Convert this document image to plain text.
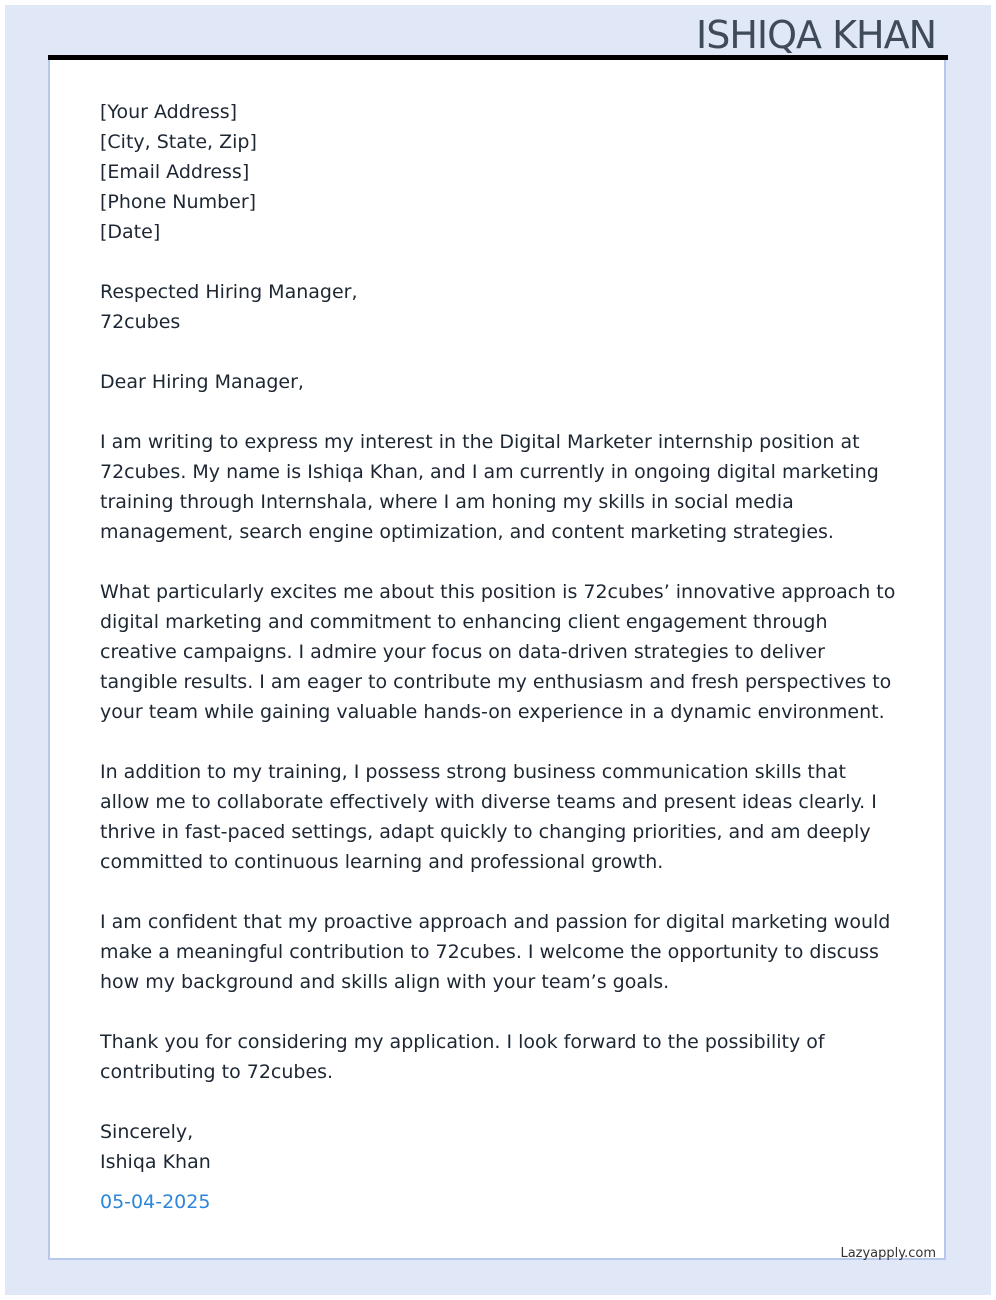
ISHIQA KHAN
[Your Address]
[City, State, Zip]
[Email Address]
[Phone Number]
[Date]
Respected Hiring Manager,
72cubes

Dear Hiring Manager,

I am writing to express my interest in the Digital Marketer internship position at 72cubes. My name is Ishiqa Khan, and I am currently in ongoing digital marketing training through Internshala, where I am honing my skills in social media management, search engine optimization, and content marketing strategies.

What particularly excites me about this position is 72cubes’ innovative approach to digital marketing and commitment to enhancing client engagement through creative campaigns. I admire your focus on data-driven strategies to deliver tangible results. I am eager to contribute my enthusiasm and fresh perspectives to your team while gaining valuable hands-on experience in a dynamic environment.

In addition to my training, I possess strong business communication skills that allow me to collaborate effectively with diverse teams and present ideas clearly. I thrive in fast-paced settings, adapt quickly to changing priorities, and am deeply committed to continuous learning and professional growth.

I am confident that my proactive approach and passion for digital marketing would make a meaningful contribution to 72cubes. I welcome the opportunity to discuss how my background and skills align with your team’s goals.

Thank you for considering my application. I look forward to the possibility of contributing to 72cubes.

Sincerely,
Ishiqa Khan
05-04-2025
Lazyapply.com
